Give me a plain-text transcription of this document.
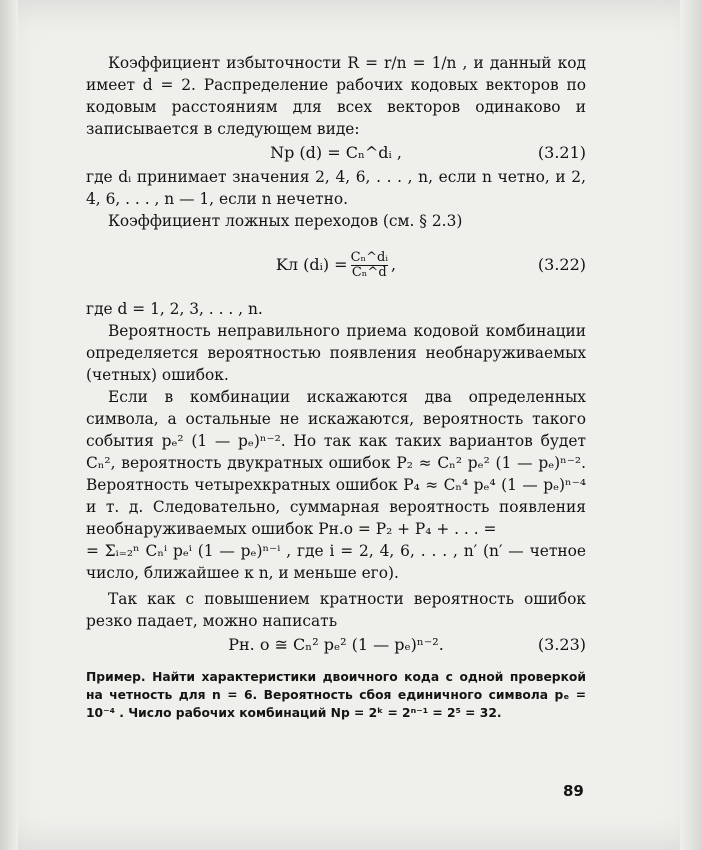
Коэффициент избыточности R = r/n = 1/n , и данный код имеет d = 2. Распределение рабочих кодовых векторов по кодовым расстояниям для всех векторов одинаково и записывается в следующем виде:

Nр (d) =
Cₙ^dᵢ ,	(3.21)

где dᵢ принимает значения 2, 4, 6, . . . , n, если n четно, и 2, 4, 6, . . . , n — 1, если n нечетно.

Коэффициент ложных переходов (см. § 2.3)

Kл (dᵢ) = $\frac{\text{Cₙ\textasciicircum{}dᵢ}}{\text{Cₙ\textasciicircum{}d}}$ ,	(3.22)

где d = 1, 2, 3, . . . , n.

Вероятность неправильного приема кодовой комбинации определяется вероятностью появления необнаруживаемых (четных) ошибок.

Если в комбинации искажаются два определенных символа, а остальные не искажаются, вероятность такого события pₑ² (1 — pₑ)ⁿ⁻². Но так как таких вариантов будет Cₙ², вероятность двукратных ошибок P₂ ≈ Cₙ² pₑ² (1 — pₑ)ⁿ⁻². Вероятность четырехкратных ошибок P₄ ≈ Cₙ⁴ pₑ⁴ (1 — pₑ)ⁿ⁻⁴ и т. д. Следовательно, суммарная вероятность появления необнаруживаемых ошибок Pн.о = P₂ + P₄ + . . . =

= Σᵢ₌₂ⁿ Cₙⁱ pₑⁱ (1 — pₑ)ⁿ⁻ⁱ , где i = 2, 4, 6, . . . , n′ (n′ — четное число, ближайшее к n, и меньше его).

Так как с повышением кратности вероятность ошибок резко падает, можно написать

Pн. о ≅ Cₙ² pₑ² (1 — pₑ)ⁿ⁻².	(3.23)

Пример. Найти характеристики двоичного кода с одной проверкой на четность для n = 6. Вероятность сбоя единичного символа pₑ = 10⁻⁴ . Число рабочих комбинаций Nр = 2ᵏ = 2ⁿ⁻¹ = 2⁵ = 32.

89
